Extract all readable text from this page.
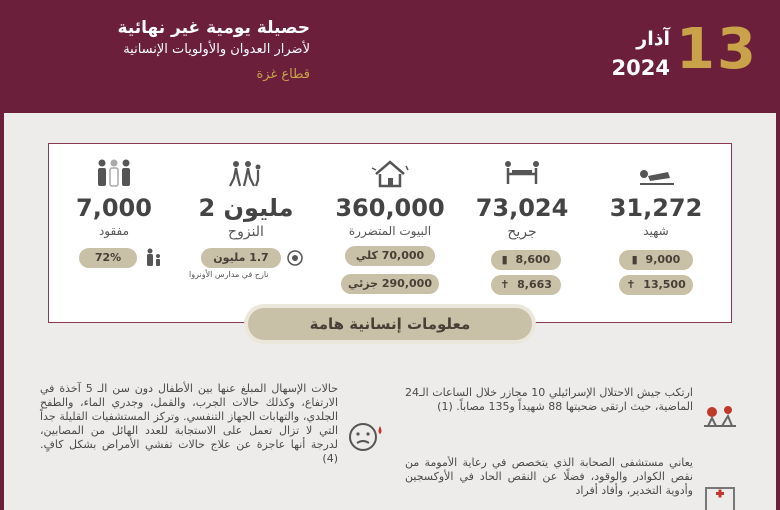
13
آذار
2024
حصيلة يومية غير نهائية
لأضرار العدوان والأولويات الإنسانية
قطاع غزة
31,272
شهيد
9,000 ▮
13,500 ✝
73,024
جريح
8,600 ▮
8,663 ✝
360,000
البيوت المتضررة
70,000 كلي
290,000 جزئي
2 مليون
النزوح
1.7 مليون
نازح في مدارس الأونروا
7,000
مفقود
72%
معلومات إنسانية هامة
ارتكب جيش الاحتلال الإسرائيلي 10 مجازر خلال الساعات الـ24 الماضية، حيث ارتقى ضحيتها 88 شهيداً و135 مصاباً. (1)
يعاني مستشفى الصحابة الذي يتخصص في رعاية الأمومة من نقص الكوادر والوقود، فضلًا عن النقص الحاد في الأوكسجين وأدوية التخدير، وأفاد أفراد
حالات الإسهال المبلغ عنها بين الأطفال دون سن الـ 5 آخذة في الارتفاع، وكذلك حالات الجرب، والقمل، وجدري الماء، والطفح الجلدي، والتهابات الجهاز التنفسي. وتركز المستشفيات القليلة جداً التي لا تزال تعمل على الاستجابة للعدد الهائل من المصابين، لدرجة أنها عاجزة عن علاج حالات تفشي الأمراض بشكل كافٍ. (4)
